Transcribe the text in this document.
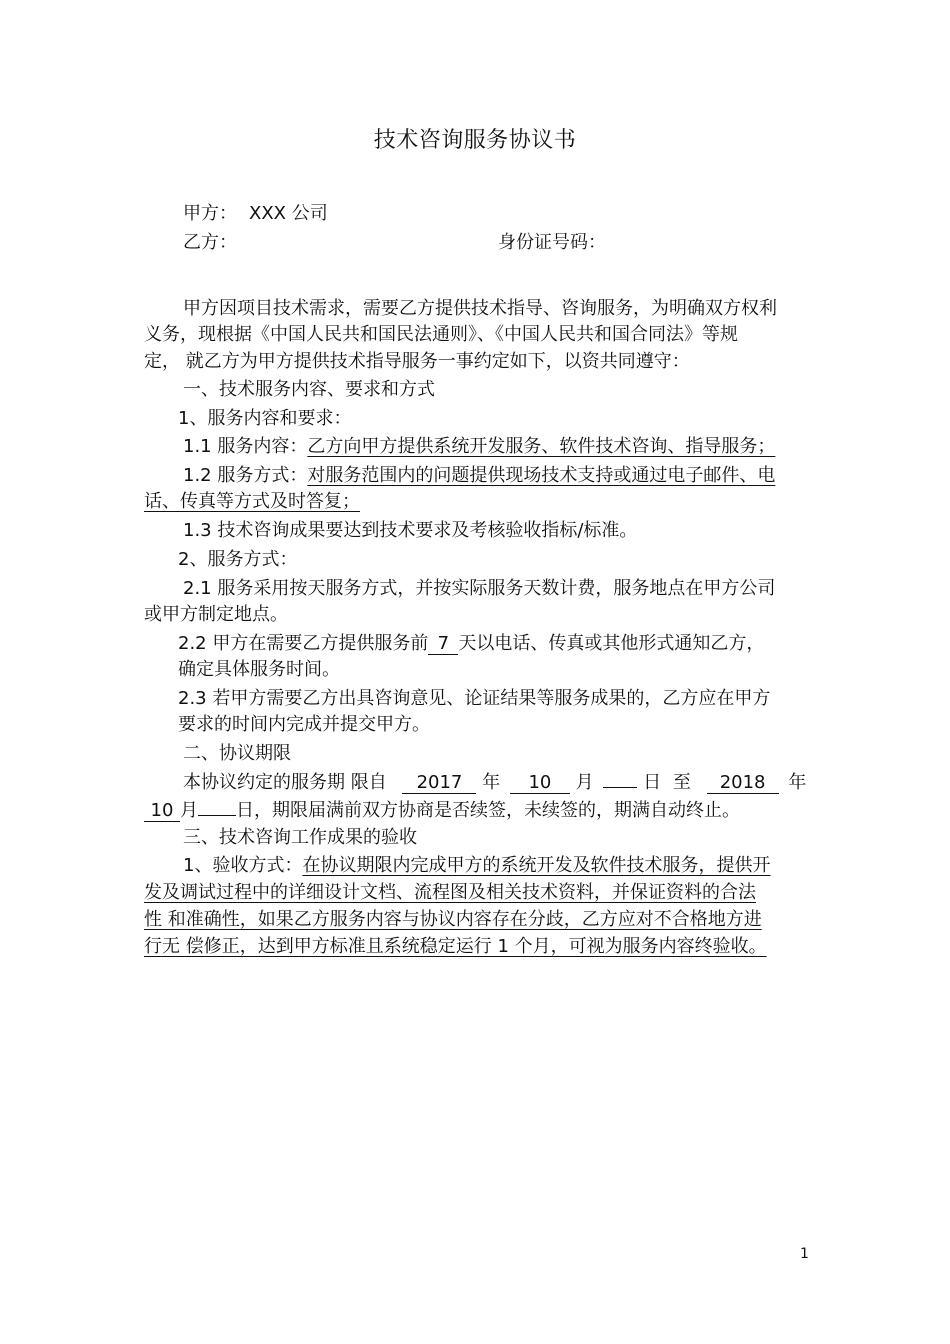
技术咨询服务协议书
甲方： XXX 公司
乙方：	身份证号码：
甲方因项目技术需求，需要乙方提供技术指导、咨询服务，为明确双方权利
义务，现根据《中国人民共和国民法通则》、《中国人民共和国合同法》等规
定， 就乙方为甲方提供技术指导服务一事约定如下，以资共同遵守：
一、技术服务内容、要求和方式
1、服务内容和要求：
1.1 服务内容：乙方向甲方提供系统开发服务、软件技术咨询、指导服务；
1.2 服务方式：对服务范围内的问题提供现场技术支持或通过电子邮件、电
话、传真等方式及时答复；
1.3 技术咨询成果要达到技术要求及考核验收指标/标准。
2、服务方式：
2.1 服务采用按天服务方式，并按实际服务天数计费，服务地点在甲方公司
或甲方制定地点。
2.2 甲方在需要乙方提供服务前 7 天以电话、传真或其他形式通知乙方，
确定具体服务时间。
2.3 若甲方需要乙方出具咨询意见、论证结果等服务成果的，乙方应在甲方
要求的时间内完成并提交甲方。
二、协议期限
本协议约定的服务期 限自 2017 年 10 月	日 至 2018 年
10 月 日，期限届满前双方协商是否续签，未续签的，期满自动终止。
三、技术咨询工作成果的验收
1、验收方式：在协议期限内完成甲方的系统开发及软件技术服务，提供开
发及调试过程中的详细设计文档、流程图及相关技术资料，并保证资料的合法
性 和准确性，如果乙方服务内容与协议内容存在分歧，乙方应对不合格地方进
行无 偿修正，达到甲方标准且系统稳定运行 1 个月，可视为服务内容终验收。
1
